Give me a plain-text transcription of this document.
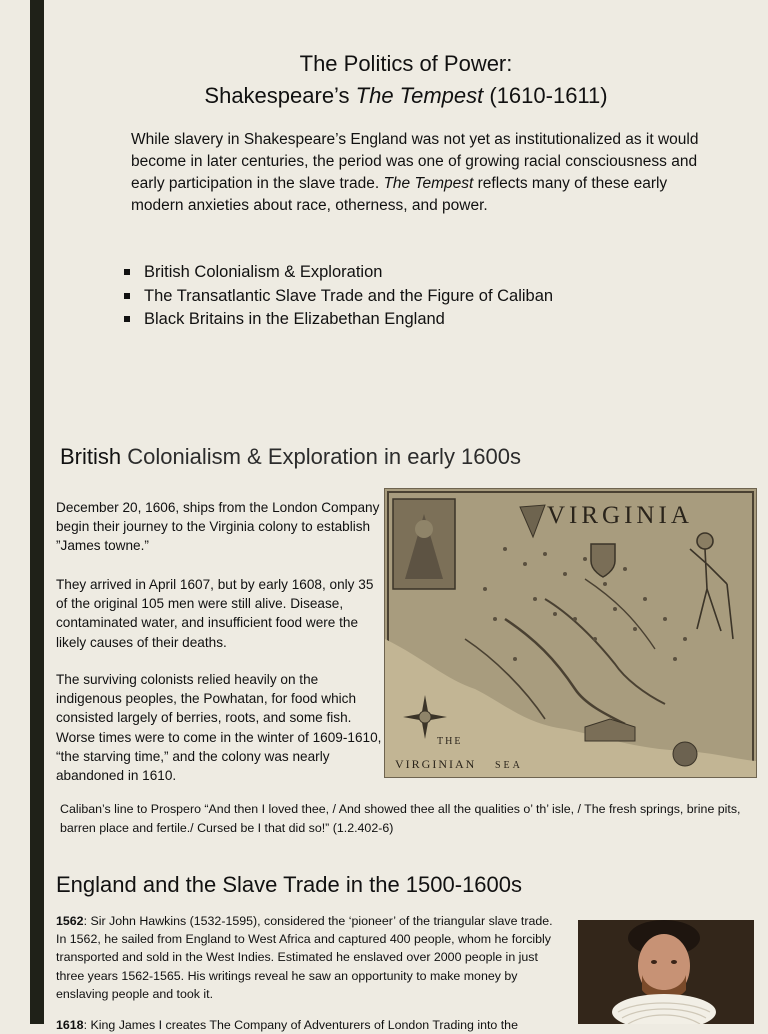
The Politics of Power:
Shakespeare’s The Tempest (1610-1611)
While slavery in Shakespeare’s England was not yet as institutionalized as it would become in later centuries, the period was one of growing racial consciousness and early participation in the slave trade. The Tempest reflects many of these early modern anxieties about race, otherness, and power.
British Colonialism & Exploration
The Transatlantic Slave Trade and the Figure of Caliban
Black Britains in the Elizabethan England
British Colonialism & Exploration in early 1600s
December 20, 1606, ships from the London Company begin their journey to the Virginia colony to establish ”James towne.”
They arrived in April 1607, but by early 1608, only 35 of the original 105 men were still alive. Disease, contaminated water, and insufficient food were the likely causes of their deaths.
The surviving colonists relied heavily on the indigenous peoples, the Powhatan, for food which consisted largely of berries, roots, and some fish. Worse times were to come in the winter of 1609-1610, “the starving time,” and the colony was nearly abandoned in 1610.
VIRGINIA
THE
VIRGINIAN SEA
Caliban’s line to Prospero “And then I loved thee, / And showed thee all the qualities o’ th’ isle, / The fresh springs, brine pits, barren place and fertile./ Cursed be I that did so!” (1.2.402-6)
England and the Slave Trade in the 1500-1600s
1562: Sir John Hawkins (1532-1595), considered the ‘pioneer’ of the triangular slave trade. In 1562, he sailed from England to West Africa and captured 400 people, whom he forcibly transported and sold in the West Indies. Estimated he enslaved over 2000 people in just three years 1562-1565. His writings reveal he saw an opportunity to make money by enslaving people and took it.
1618: King James I creates The Company of Adventurers of London Trading into the
